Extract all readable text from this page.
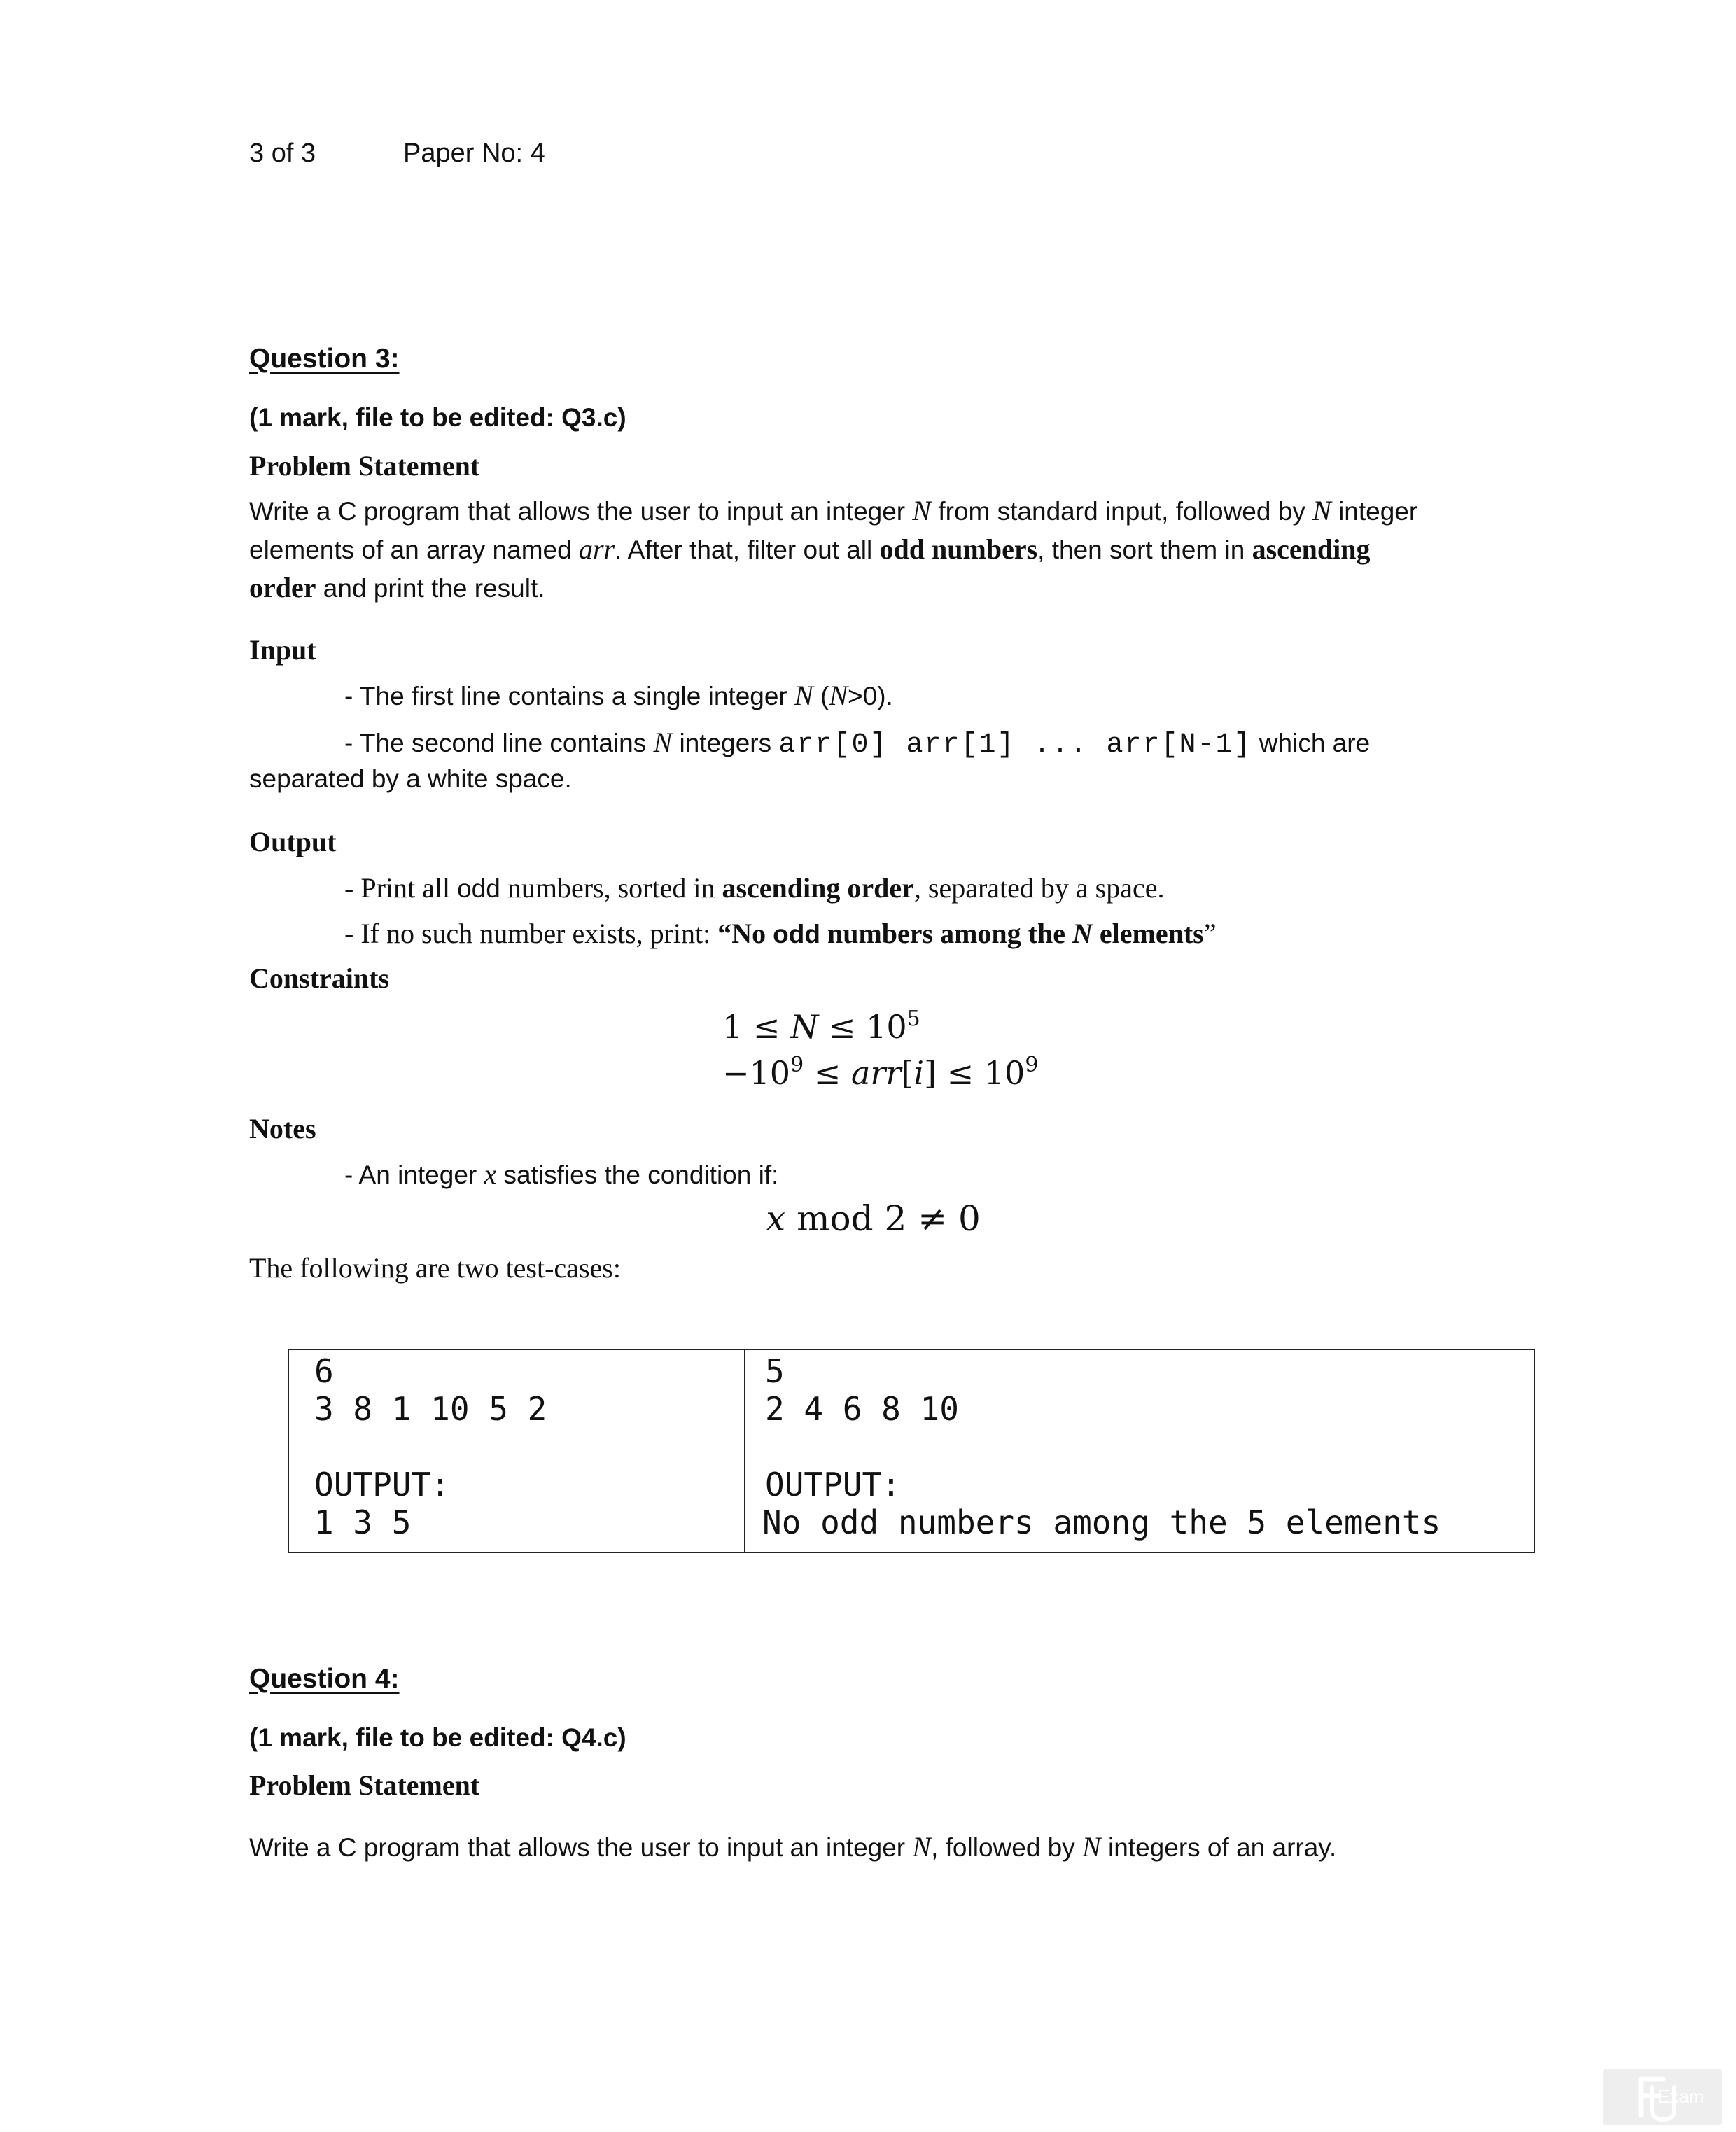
3 of 3	Paper No: 4
Question 3:
(1 mark, file to be edited: Q3.c)
Problem Statement
Write a C program that allows the user to input an integer N from standard input, followed by N integer
elements of an array named arr. After that, filter out all odd numbers, then sort them in ascending
order and print the result.
Input
- The first line contains a single integer N (N>0).
- The second line contains N integers arr[0] arr[1] ... arr[N-1] which are
separated by a white space.
Output
- Print all odd numbers, sorted in ascending order, separated by a space.
- If no such number exists, print: “No odd numbers among the N elements”
Constraints
$1 \le N \le 10^5$
$-10^9 \le arr[i] \le 10^9$
Notes
- An integer x satisfies the condition if:
x mod 2 ≠ 0
The following are two test-cases:
6
3 8 1 10 5 2
OUTPUT:
1 3 5
5
2 4 6 8 10
OUTPUT:
No odd numbers among the 5 elements
Question 4:
(1 mark, file to be edited: Q4.c)
Problem Statement
Write a C program that allows the user to input an integer N, followed by N integers of an array.
Exam
